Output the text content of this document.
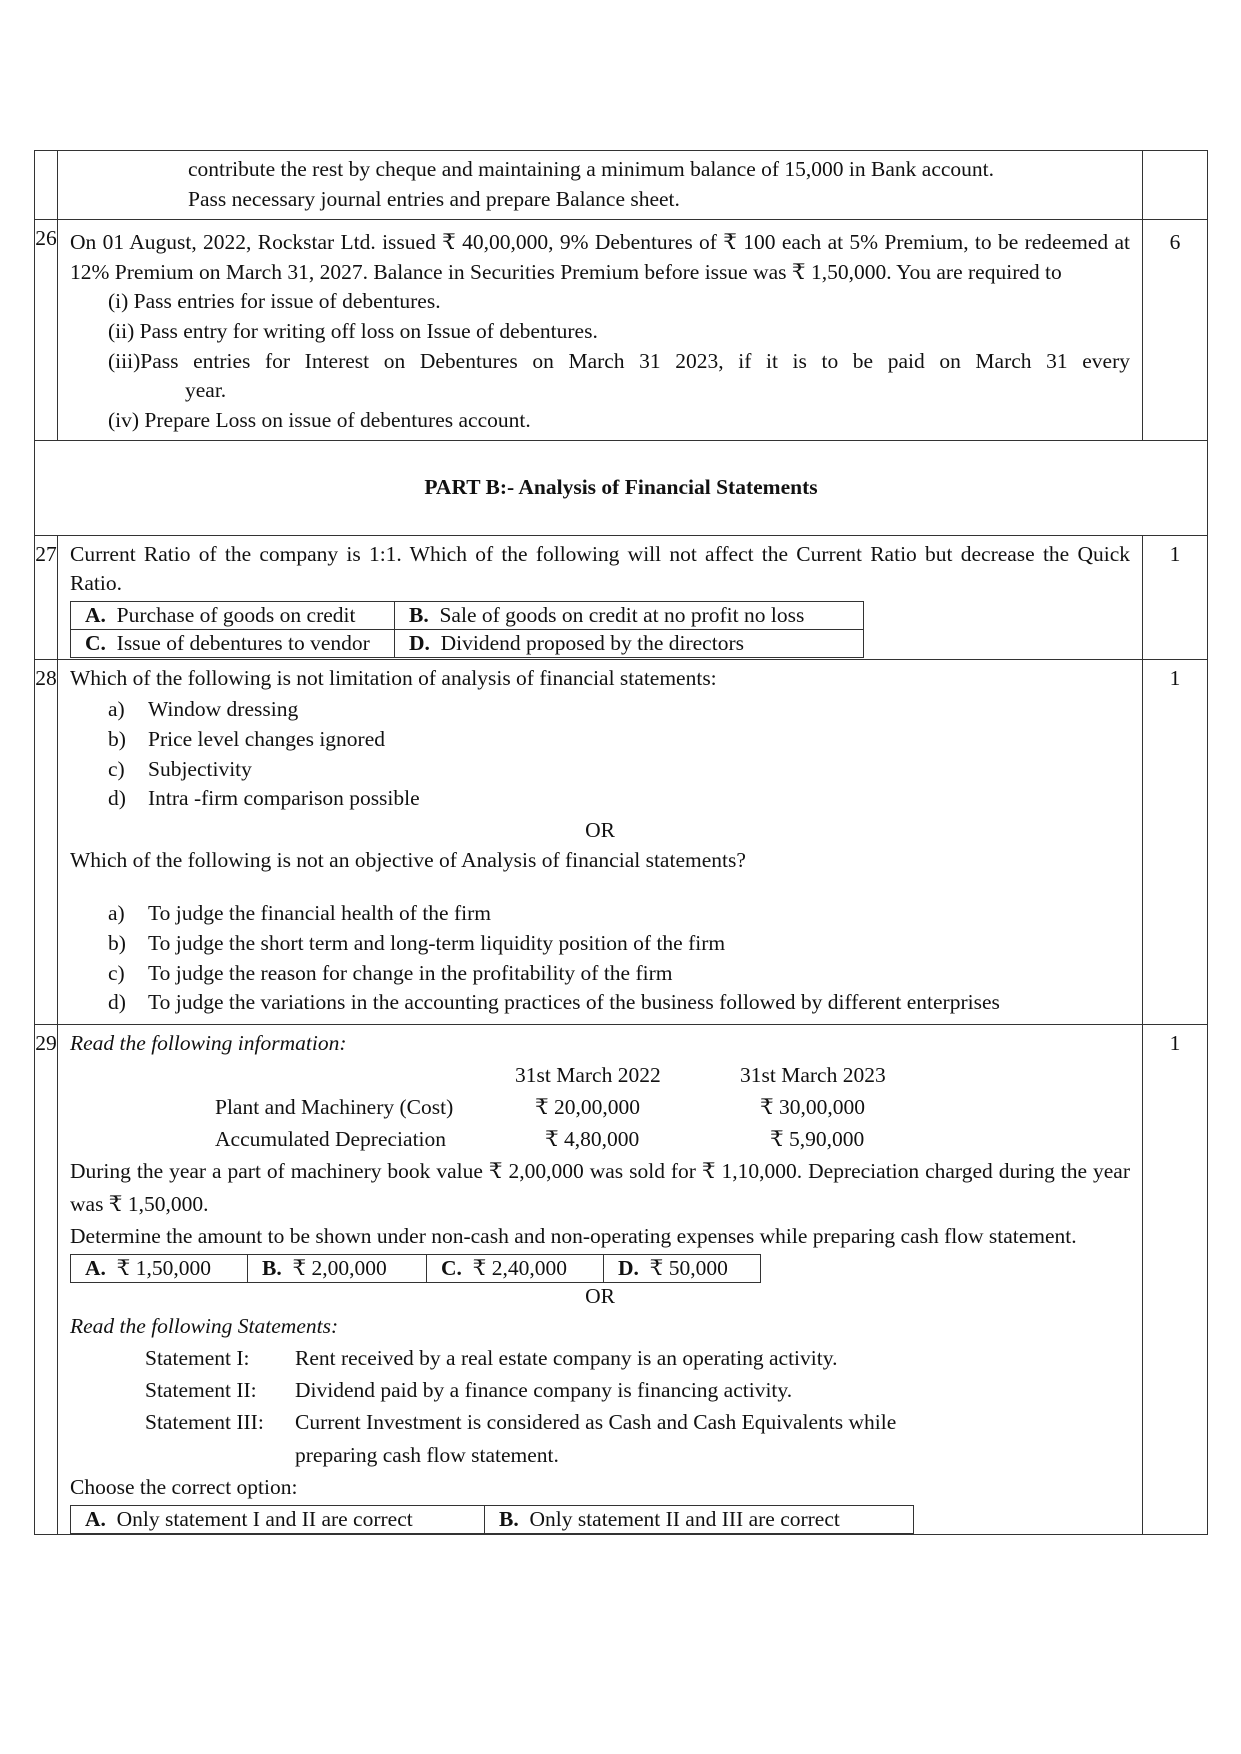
contribute the rest by cheque and maintaining a minimum balance of 15,000 in Bank account.
Pass necessary journal entries and prepare Balance sheet.

26	On 01 August, 2022, Rockstar Ltd. issued ₹ 40,00,000, 9% Debentures of ₹ 100 each at 5% Premium, to be redeemed at 12% Premium on March 31, 2027. Balance in Securities Premium before issue was ₹ 1,50,000. You are required to
(i) Pass entries for issue of debentures.
(ii) Pass entry for writing off loss on Issue of debentures.
(iii)Pass entries for Interest on Debentures on March 31 2023, if it is to be paid on March 31 every
year.
(iv) Prepare Loss on issue of debentures account.
	6
PART B:- Analysis of Financial Statements
27	Current Ratio of the company is 1:1. Which of the following will not affect the Current Ratio but decrease the Quick Ratio.
A. Purchase of goods on credit	B. Sale of goods on credit at no profit no loss
C. Issue of debentures to vendor	D. Dividend proposed by the directors
	1
28	Which of the following is not limitation of analysis of financial statements:
a)	Window dressing
b)	Price level changes ignored
c)	Subjectivity
d)	Intra -firm comparison possible
OR
Which of the following is not an objective of Analysis of financial statements?
a)	To judge the financial health of the firm
b)	To judge the short term and long-term liquidity position of the firm
c)	To judge the reason for change in the profitability of the firm
d)	To judge the variations in the accounting practices of the business followed by different enterprises
	1
29	Read the following information:
	31st March 2022	31st March 2023
Plant and Machinery (Cost)	₹ 20,00,000	₹ 30,00,000
Accumulated Depreciation	₹ 4,80,000	₹ 5,90,000
During the year a part of machinery book value ₹ 2,00,000 was sold for ₹ 1,10,000. Depreciation charged during the year was ₹ 1,50,000.
Determine the amount to be shown under non-cash and non-operating expenses while preparing cash flow statement.
A. ₹ 1,50,000	B. ₹ 2,00,000	C. ₹ 2,40,000	D. ₹ 50,000
OR
Read the following Statements:
Statement I:	Rent received by a real estate company is an operating activity.
Statement II:	Dividend paid by a finance company is financing activity.
Statement III:	Current Investment is considered as Cash and Cash Equivalents while
preparing cash flow statement.
Choose the correct option:
A. Only statement I and II are correct	B. Only statement II and III are correct
	1
